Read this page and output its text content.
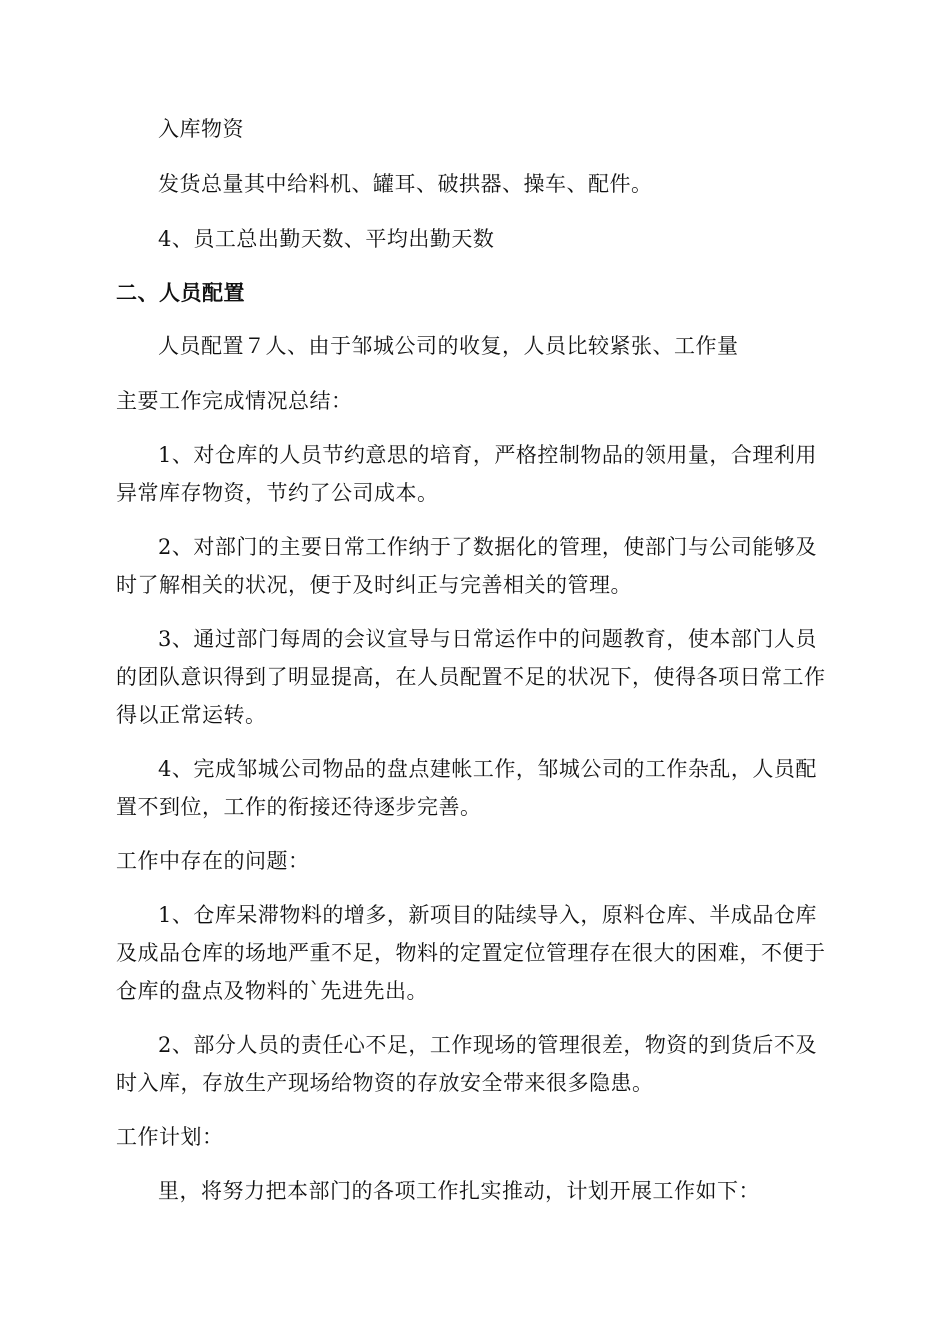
入库物资

发货总量其中给料机、罐耳、破拱器、操车、配件。

4、员工总出勤天数、平均出勤天数

二、人员配置

人员配置７人、由于邹城公司的收复，人员比较紧张、工作量

主要工作完成情况总结：

1、对仓库的人员节约意思的培育，严格控制物品的领用量，合理利用异常库存物资，节约了公司成本。

2、对部门的主要日常工作纳于了数据化的管理，使部门与公司能够及时了解相关的状况，便于及时纠正与完善相关的管理。

3、通过部门每周的会议宣导与日常运作中的问题教育，使本部门人员的团队意识得到了明显提高，在人员配置不足的状况下，使得各项日常工作得以正常运转。

4、完成邹城公司物品的盘点建帐工作，邹城公司的工作杂乱，人员配置不到位，工作的衔接还待逐步完善。

工作中存在的问题：

1、仓库呆滞物料的增多，新项目的陆续导入，原料仓库、半成品仓库及成品仓库的场地严重不足，物料的定置定位管理存在很大的困难，不便于仓库的盘点及物料的`先进先出。

2、部分人员的责任心不足，工作现场的管理很差，物资的到货后不及时入库，存放生产现场给物资的存放安全带来很多隐患。

工作计划：

里，将努力把本部门的各项工作扎实推动，计划开展工作如下：
